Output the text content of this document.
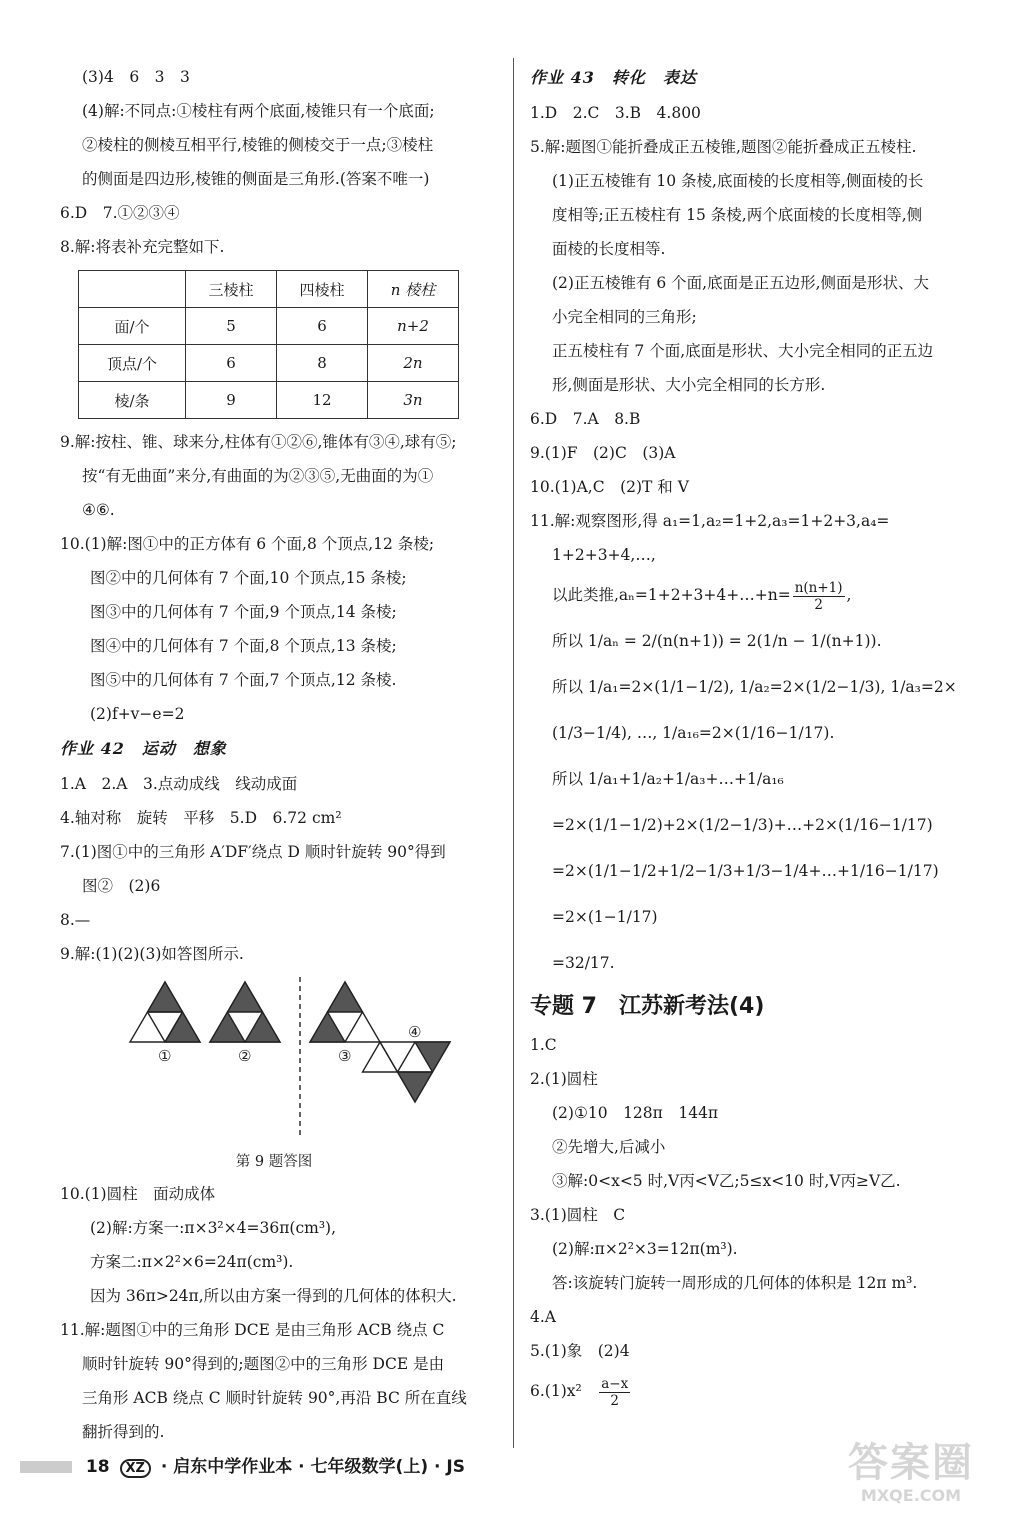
(3)4　6　3　3
(4)解:不同点:①棱柱有两个底面,棱锥只有一个底面;
②棱柱的侧棱互相平行,棱锥的侧棱交于一点;③棱柱
的侧面是四边形,棱锥的侧面是三角形.(答案不唯一)
6.D　7.①②③④
8.解:将表补充完整如下.
	三棱柱	四棱柱	n 棱柱
面/个	5	6	n+2
顶点/个	6	8	2n
棱/条	9	12	3n
9.解:按柱、锥、球来分,柱体有①②⑥,锥体有③④,球有⑤;
按“有无曲面”来分,有曲面的为②③⑤,无曲面的为①
④⑥.
10.(1)解:图①中的正方体有 6 个面,8 个顶点,12 条棱;
图②中的几何体有 7 个面,10 个顶点,15 条棱;
图③中的几何体有 7 个面,9 个顶点,14 条棱;
图④中的几何体有 7 个面,8 个顶点,13 条棱;
图⑤中的几何体有 7 个面,7 个顶点,12 条棱.
(2)f+v−e=2
作业 42　运动　想象
1.A　2.A　3.点动成线　线动成面
4.轴对称　旋转　平移　5.D　6.72 cm²
7.(1)图①中的三角形 A′DF′绕点 D 顺时针旋转 90°得到
图②　(2)6
8.—
9.解:(1)(2)(3)如答图所示.
①	②	③
④
第 9 题答图
10.(1)圆柱　面动成体
(2)解:方案一:π×3²×4=36π(cm³),
方案二:π×2²×6=24π(cm³).
因为 36π>24π,所以由方案一得到的几何体的体积大.
11.解:题图①中的三角形 DCE 是由三角形 ACB 绕点 C
顺时针旋转 90°得到的;题图②中的三角形 DCE 是由
三角形 ACB 绕点 C 顺时针旋转 90°,再沿 BC 所在直线
翻折得到的.
作业 43　转化　表达
1.D　2.C　3.B　4.800
5.解:题图①能折叠成正五棱锥,题图②能折叠成正五棱柱.
(1)正五棱锥有 10 条棱,底面棱的长度相等,侧面棱的长
度相等;正五棱柱有 15 条棱,两个底面棱的长度相等,侧
面棱的长度相等.
(2)正五棱锥有 6 个面,底面是正五边形,侧面是形状、大
小完全相同的三角形;
正五棱柱有 7 个面,底面是形状、大小完全相同的正五边
形,侧面是形状、大小完全相同的长方形.
6.D　7.A　8.B
9.(1)F　(2)C　(3)A
10.(1)A,C　(2)T 和 V
11.解:观察图形,得 a₁=1,a₂=1+2,a₃=1+2+3,a₄=
1+2+3+4,…,
以此类推,aₙ=1+2+3+4+…+n= $\frac{n(n+1)}{2}$ ,
所以 1/aₙ = 2/(n(n+1)) = 2(1/n − 1/(n+1)).
所以 1/a₁=2×(1/1−1/2), 1/a₂=2×(1/2−1/3), 1/a₃=2×
(1/3−1/4), …, 1/a₁₆=2×(1/16−1/17).
所以 1/a₁+1/a₂+1/a₃+…+1/a₁₆
=2×(1/1−1/2)+2×(1/2−1/3)+…+2×(1/16−1/17)
=2×(1/1−1/2+1/2−1/3+1/3−1/4+…+1/16−1/17)
=2×(1−1/17)
=32/17.
专题 7　江苏新考法(4)
1.C
2.(1)圆柱
(2)①10　128π　144π
②先增大,后减小
③解:0<x<5 时,V丙<V乙;5≤x<10 时,V丙≥V乙.
3.(1)圆柱　C
(2)解:π×2²×3=12π(m³).
答:该旋转门旋转一周形成的几何体的体积是 12π m³.
4.A
5.(1)象　(2)4
6.(1)x²　 $\frac{a-x}{2}$
18 XZ · 启东中学作业本 · 七年级数学(上) · JS	答案圈
MXQE.COM
